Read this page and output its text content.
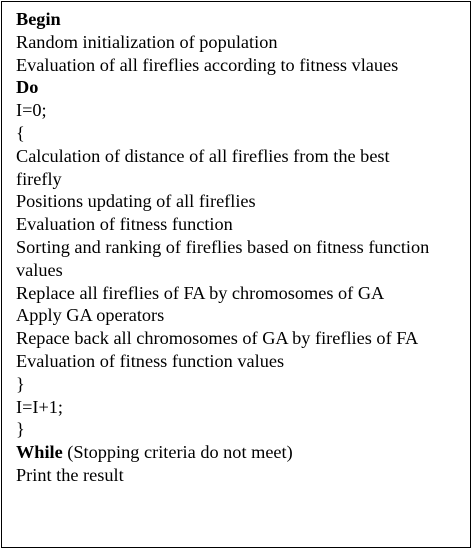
Begin
Random initialization of population
Evaluation of all fireflies according to fitness vlaues
Do
I=0;
{
Calculation of distance of all fireflies from the best
firefly
Positions updating of all fireflies
Evaluation of fitness function
Sorting and ranking of fireflies based on fitness function
values
Replace all fireflies of FA by chromosomes of GA
Apply GA operators
Repace back all chromosomes of GA by fireflies of FA
Evaluation of fitness function values
}
I=I+1;
}
While (Stopping criteria do not meet)
Print the result
